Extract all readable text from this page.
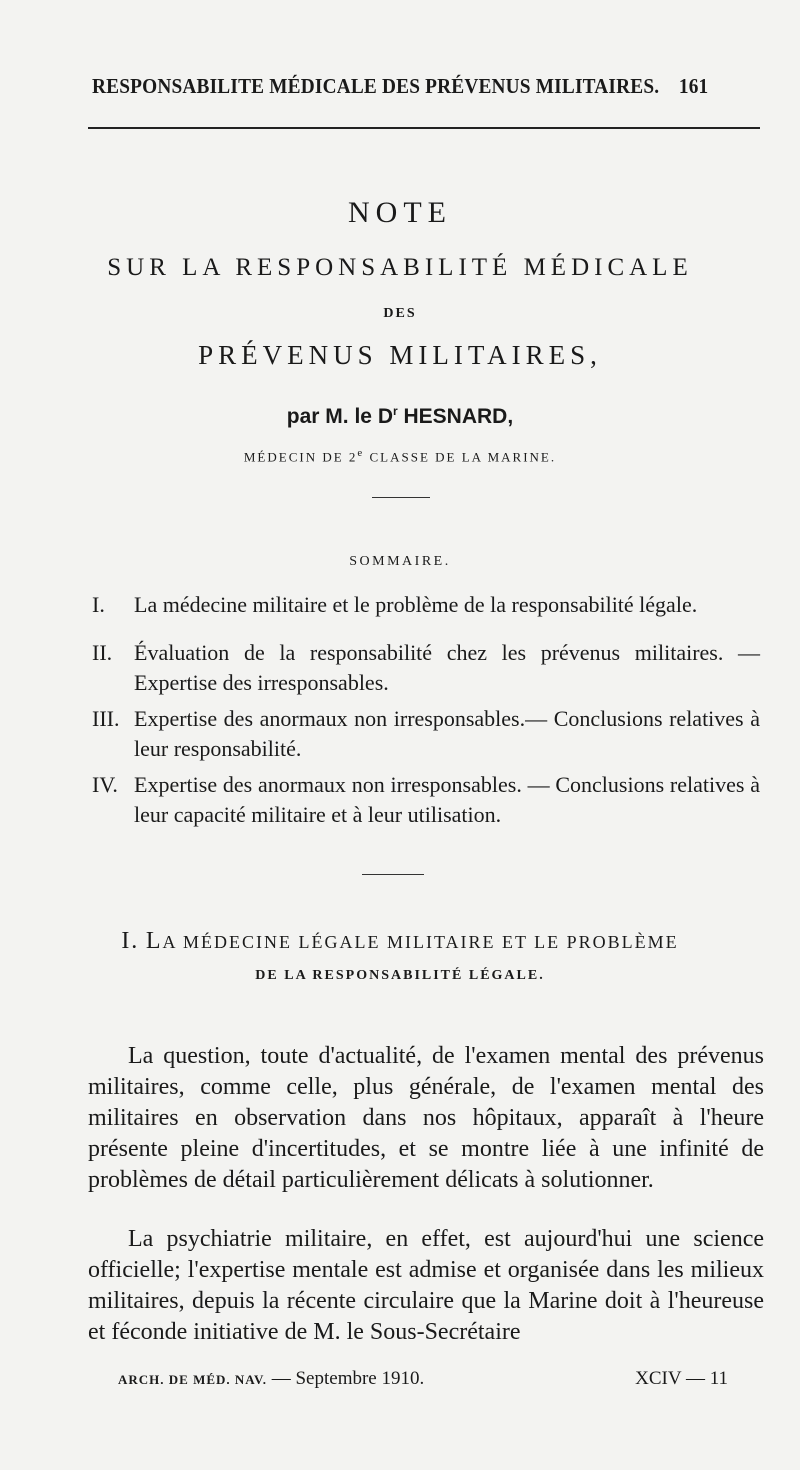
RESPONSABILITE MÉDICALE DES PRÉVENUS MILITAIRES. 161
NOTE
SUR LA RESPONSABILITÉ MÉDICALE
DES
PRÉVENUS MILITAIRES,
par M. le $D^r$ HESNARD,
MÉDECIN DE 2e CLASSE DE LA MARINE.
SOMMAIRE.
I.	La médecine militaire et le problème de la responsabilité légale.
II. Évaluation de la responsabilité chez les prévenus militaires. — Expertise des irresponsables.
III. Expertise des anormaux non irresponsables.— Conclusions relatives à leur responsabilité.
IV. Expertise des anormaux non irresponsables. — Conclusions relatives à leur capacité militaire et à leur utilisation.
I. LA MÉDECINE LÉGALE MILITAIRE ET LE PROBLÈME
DE LA RESPONSABILITÉ LÉGALE.

La question, toute d'actualité, de l'examen mental des prévenus militaires, comme celle, plus générale, de l'examen mental des militaires en observation dans nos hôpitaux, apparaît à l'heure présente pleine d'incertitudes, et se montre liée à une infinité de problèmes de détail particulièrement délicats à solutionner.

La psychiatrie militaire, en effet, est aujourd'hui une science officielle; l'expertise mentale est admise et organisée dans les milieux militaires, depuis la récente circulaire que la Marine doit à l'heureuse et féconde initiative de M. le Sous-Secrétaire

ARCH. DE MÉD. NAV. — Septembre 1910.	XCIV — 11
